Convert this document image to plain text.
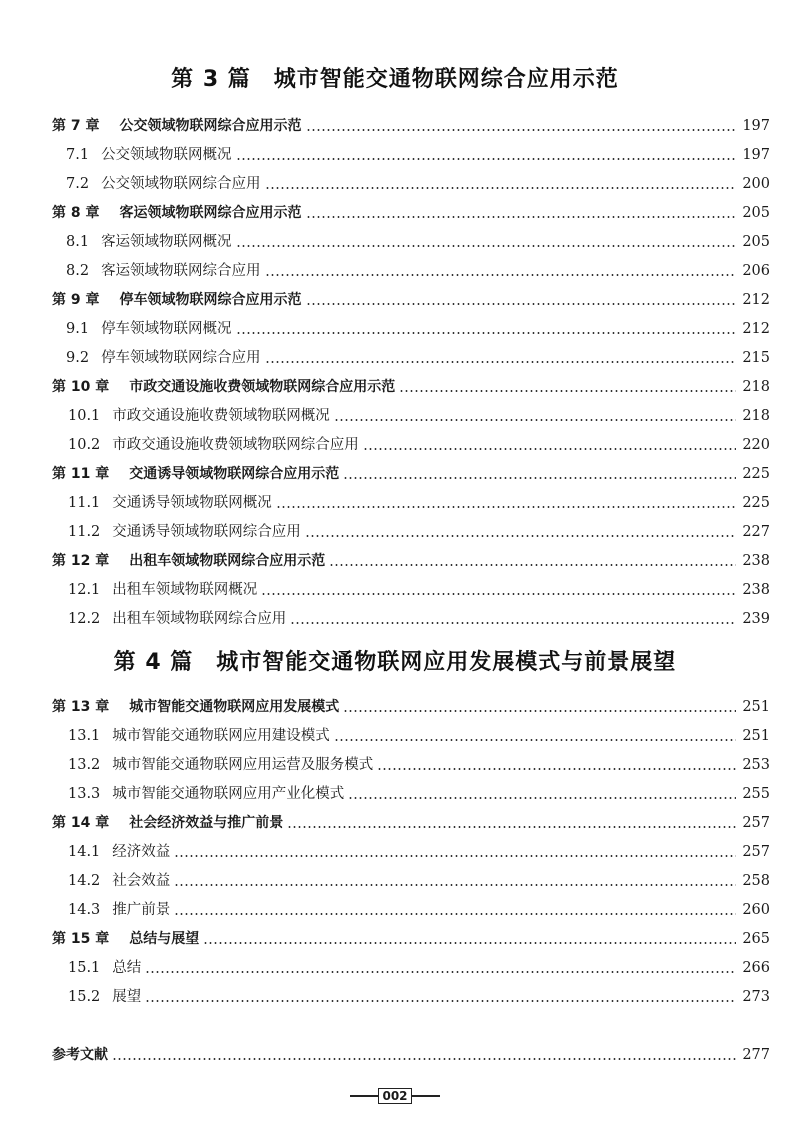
第 3 篇　城市智能交通物联网综合应用示范
第 7 章 公交领域物联网综合应用示范	197
7.1 公交领域物联网概况	197
7.2 公交领域物联网综合应用	200
第 8 章 客运领域物联网综合应用示范	205
8.1 客运领域物联网概况	205
8.2 客运领域物联网综合应用	206
第 9 章 停车领域物联网综合应用示范	212
9.1 停车领域物联网概况	212
9.2 停车领域物联网综合应用	215
第 10 章 市政交通设施收费领域物联网综合应用示范	218
10.1 市政交通设施收费领域物联网概况	218
10.2 市政交通设施收费领域物联网综合应用	220
第 11 章 交通诱导领域物联网综合应用示范	225
11.1 交通诱导领域物联网概况	225
11.2 交通诱导领域物联网综合应用	227
第 12 章 出租车领域物联网综合应用示范	238
12.1 出租车领域物联网概况	238
12.2 出租车领域物联网综合应用	239
第 4 篇　城市智能交通物联网应用发展模式与前景展望
第 13 章 城市智能交通物联网应用发展模式	251
13.1 城市智能交通物联网应用建设模式	251
13.2 城市智能交通物联网应用运营及服务模式	253
13.3 城市智能交通物联网应用产业化模式	255
第 14 章 社会经济效益与推广前景	257
14.1 经济效益	257
14.2 社会效益	258
14.3 推广前景	260
第 15 章 总结与展望	265
15.1 总结	266
15.2 展望	273
参考文献	277
002
